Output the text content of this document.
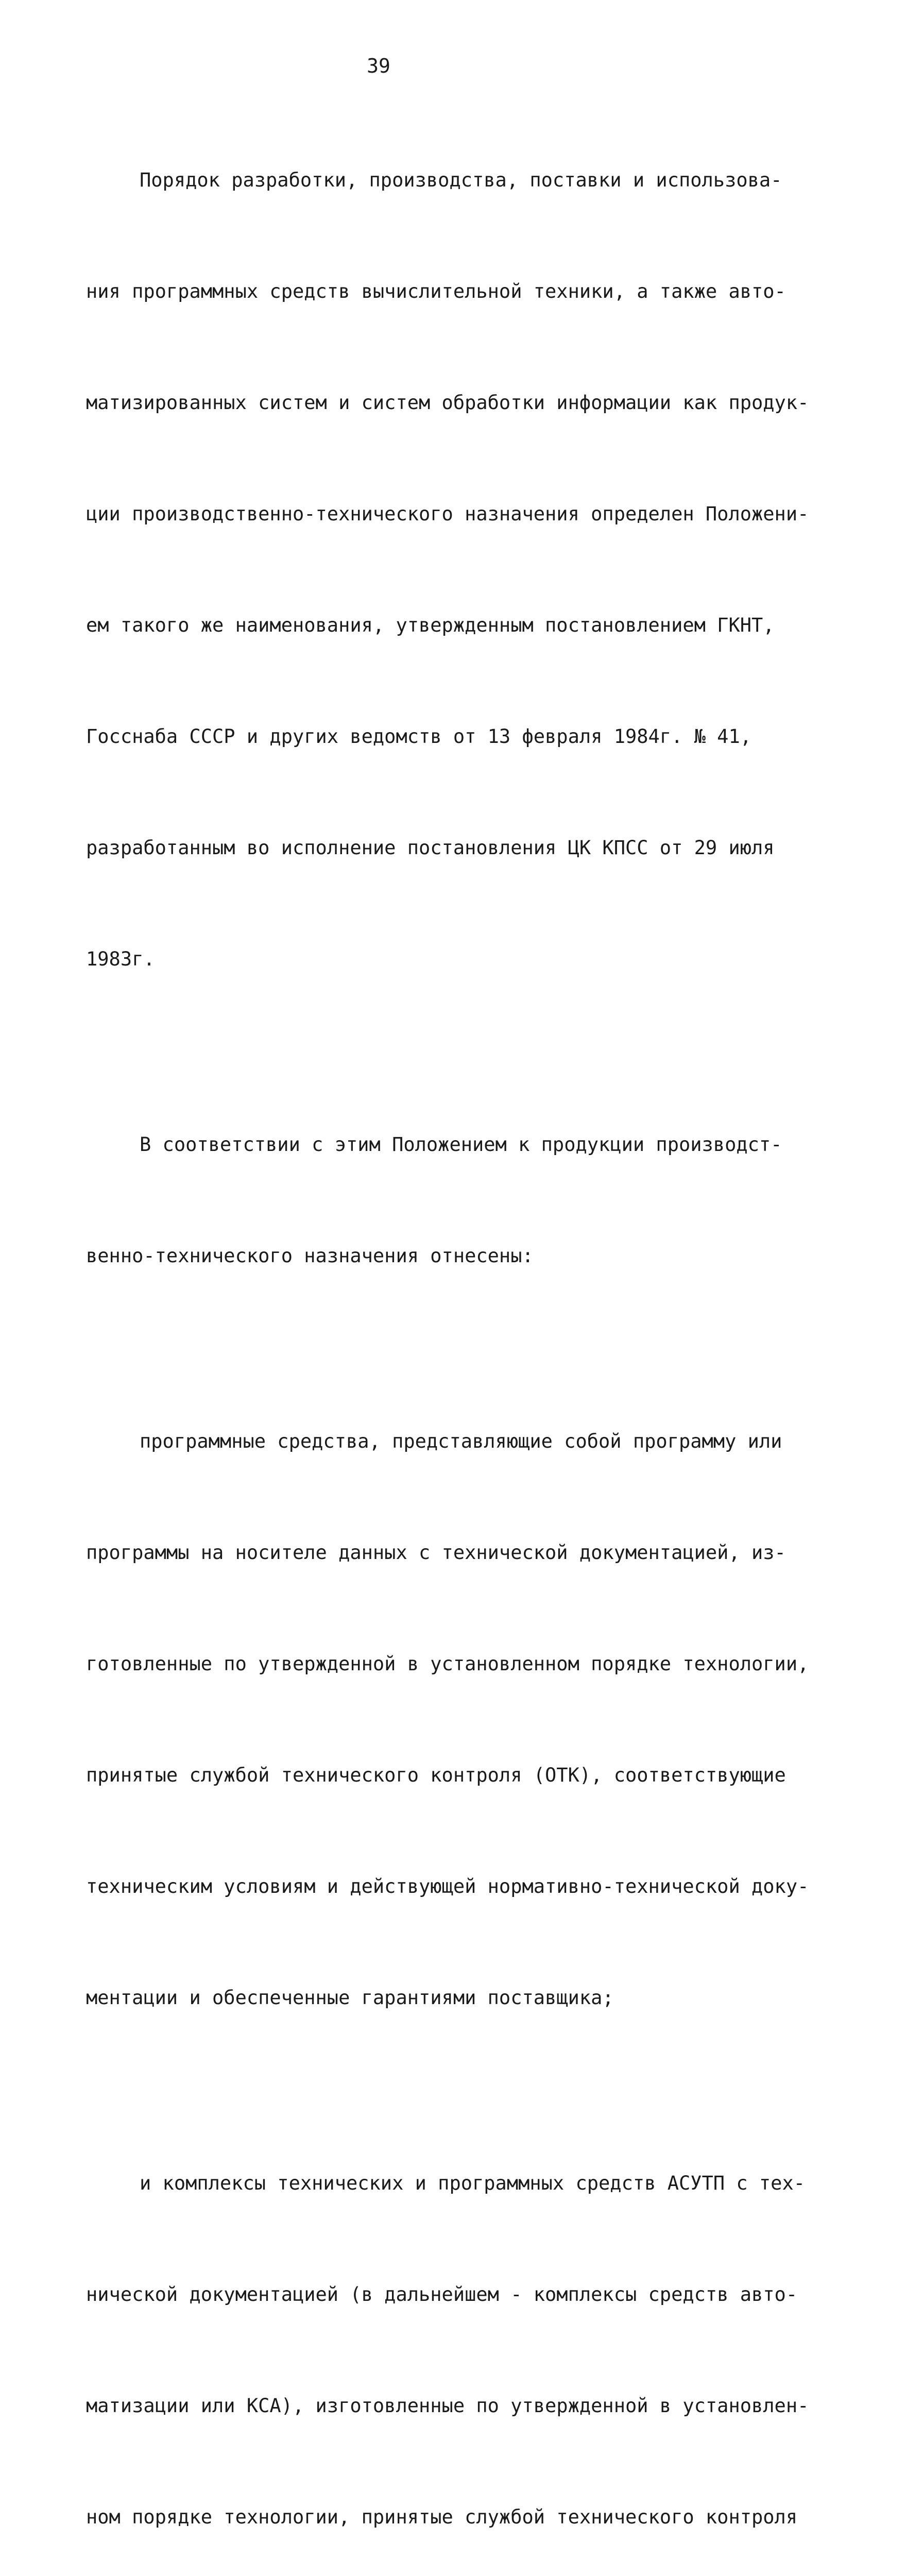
39

Порядок разработки, производства, поставки и использова-

ния программных средств вычислительной техники, а также авто-

матизированных систем и систем обработки информации как продук-

ции производственно-технического назначения определен Положени-

ем такого же наименования, утвержденным постановлением ГКНТ,

Госснаба СССР и других ведомств от 13 февраля 1984г. № 41,

разработанным во исполнение постановления ЦК КПСС от 29 июля

1983г.

В соответствии с этим Положением к продукции производст-

венно-технического назначения отнесены:

программные средства, представляющие собой программу или

программы на носителе данных с технической документацией, из-

готовленные по утвержденной в установленном порядке технологии,

принятые службой технического контроля (ОТК), соответствующие

техническим условиям и действующей нормативно-технической доку-

ментации и обеспеченные гарантиями поставщика;

и комплексы технических и программных средств АСУТП с тех-

нической документацией (в дальнейшем - комплексы средств авто-

матизации или КСА), изготовленные по утвержденной в установлен-

ном порядке технологии, принятые службой технического контроля
